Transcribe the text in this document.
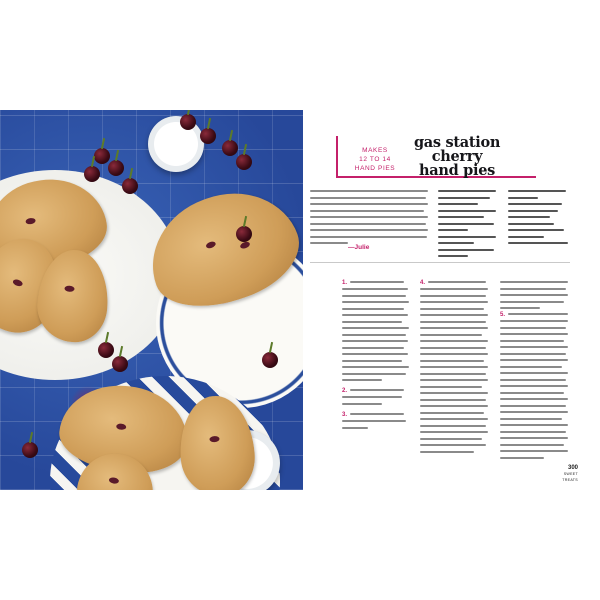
MAKES
12 TO 14
HAND PIES
gas station
cherry
hand pies
—Julie
1.
2.
3.
4.
5.
300
SWEET TREATS
